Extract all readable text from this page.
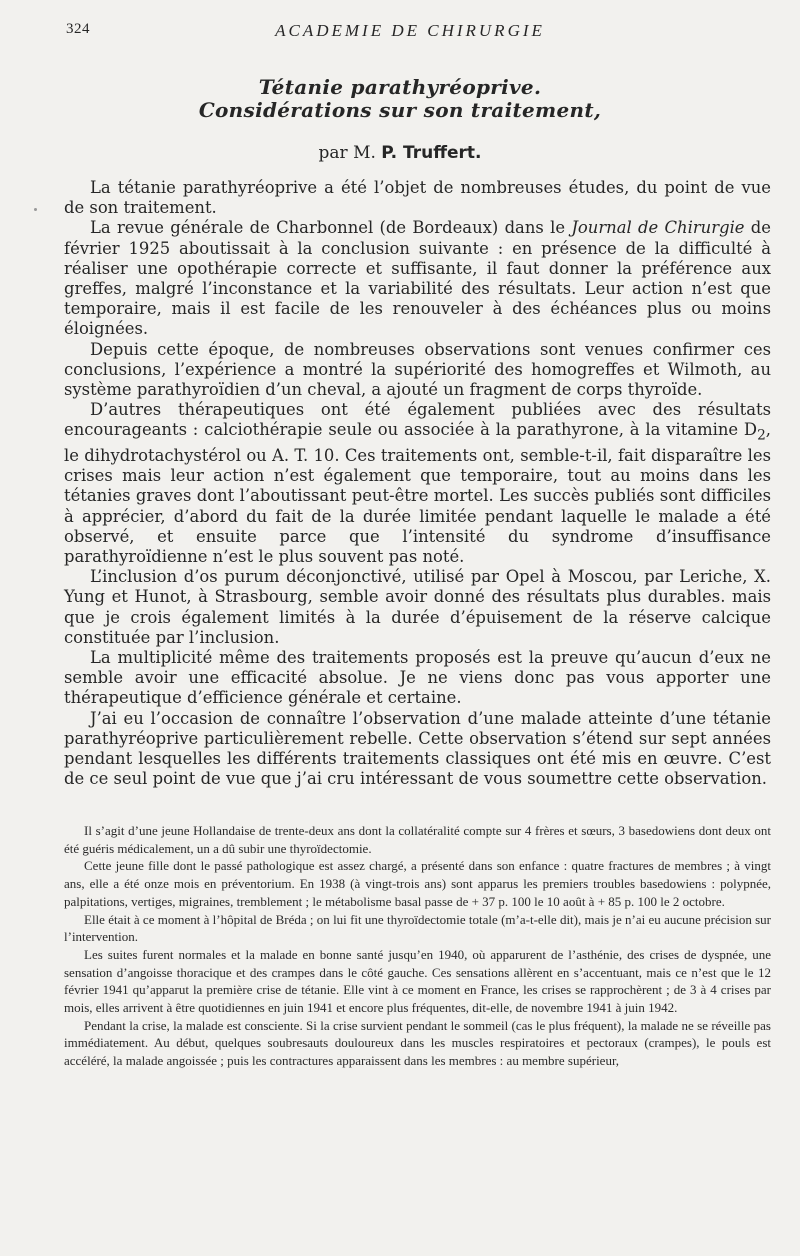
324	ACADEMIE DE CHIRURGIE
Tétanie parathyréoprive.
Considérations sur son traitement,
par M. P. Truffert.

La tétanie parathyréoprive a été l’objet de nombreuses études, du point de vue de son traitement.

La revue générale de Charbonnel (de Bordeaux) dans le Journal de Chirurgie de février 1925 aboutissait à la conclusion suivante : en présence de la difficulté à réaliser une opothérapie correcte et suffisante, il faut donner la préférence aux greffes, malgré l’inconstance et la variabilité des résultats. Leur action n’est que temporaire, mais il est facile de les renouveler à des échéances plus ou moins éloignées.

Depuis cette époque, de nombreuses observations sont venues confirmer ces conclusions, l’expérience a montré la supériorité des homogreffes et Wilmoth, au système parathyroïdien d’un cheval, a ajouté un fragment de corps thyroïde.

D’autres thérapeutiques ont été également publiées avec des résultats encourageants : calciothérapie seule ou associée à la parathyrone, à la vitamine $D_2$, le dihydrotachystérol ou A. T. 10. Ces traitements ont, semble-t-il, fait disparaître les crises mais leur action n’est également que temporaire, tout au moins dans les tétanies graves dont l’aboutissant peut-être mortel. Les succès publiés sont difficiles à apprécier, d’abord du fait de la durée limitée pendant laquelle le malade a été observé, et ensuite parce que l’intensité du syndrome d’insuffisance parathyroïdienne n’est le plus souvent pas noté.

L’inclusion d’os purum déconjonctivé, utilisé par Opel à Moscou, par Leriche, X. Yung et Hunot, à Strasbourg, semble avoir donné des résultats plus durables. mais que je crois également limités à la durée d’épuisement de la réserve calcique constituée par l’inclusion.

La multiplicité même des traitements proposés est la preuve qu’aucun d’eux ne semble avoir une efficacité absolue. Je ne viens donc pas vous apporter une thérapeutique d’efficience générale et certaine.

J’ai eu l’occasion de connaître l’observation d’une malade atteinte d’une tétanie parathyréoprive particulièrement rebelle. Cette observation s’étend sur sept années pendant lesquelles les différents traitements classiques ont été mis en œuvre. C’est de ce seul point de vue que j’ai cru intéressant de vous soumettre cette observation.

Il s’agit d’une jeune Hollandaise de trente-deux ans dont la collatéralité compte sur 4 frères et sœurs, 3 basedowiens dont deux ont été guéris médicalement, un a dû subir une thyroïdectomie.

Cette jeune fille dont le passé pathologique est assez chargé, a présenté dans son enfance : quatre fractures de membres ; à vingt ans, elle a été onze mois en préventorium. En 1938 (à vingt-trois ans) sont apparus les premiers troubles basedowiens : polypnée, palpitations, vertiges, migraines, tremblement ; le métabolisme basal passe de + 37 p. 100 le 10 août à + 85 p. 100 le 2 octobre.

Elle était à ce moment à l’hôpital de Bréda ; on lui fit une thyroïdectomie totale (m’a-t-elle dit), mais je n’ai eu aucune précision sur l’intervention.

Les suites furent normales et la malade en bonne santé jusqu’en 1940, où apparurent de l’asthénie, des crises de dyspnée, une sensation d’angoisse thoracique et des crampes dans le côté gauche. Ces sensations allèrent en s’accentuant, mais ce n’est que le 12 février 1941 qu’apparut la première crise de tétanie. Elle vint à ce moment en France, les crises se rapprochèrent ; de 3 à 4 crises par mois, elles arrivent à être quotidiennes en juin 1941 et encore plus fréquentes, dit-elle, de novembre 1941 à juin 1942.

Pendant la crise, la malade est consciente. Si la crise survient pendant le sommeil (cas le plus fréquent), la malade ne se réveille pas immédiatement. Au début, quelques soubresauts douloureux dans les muscles respiratoires et pectoraux (crampes), le pouls est accéléré, la malade angoissée ; puis les contractures apparaissent dans les membres : au membre supérieur,
